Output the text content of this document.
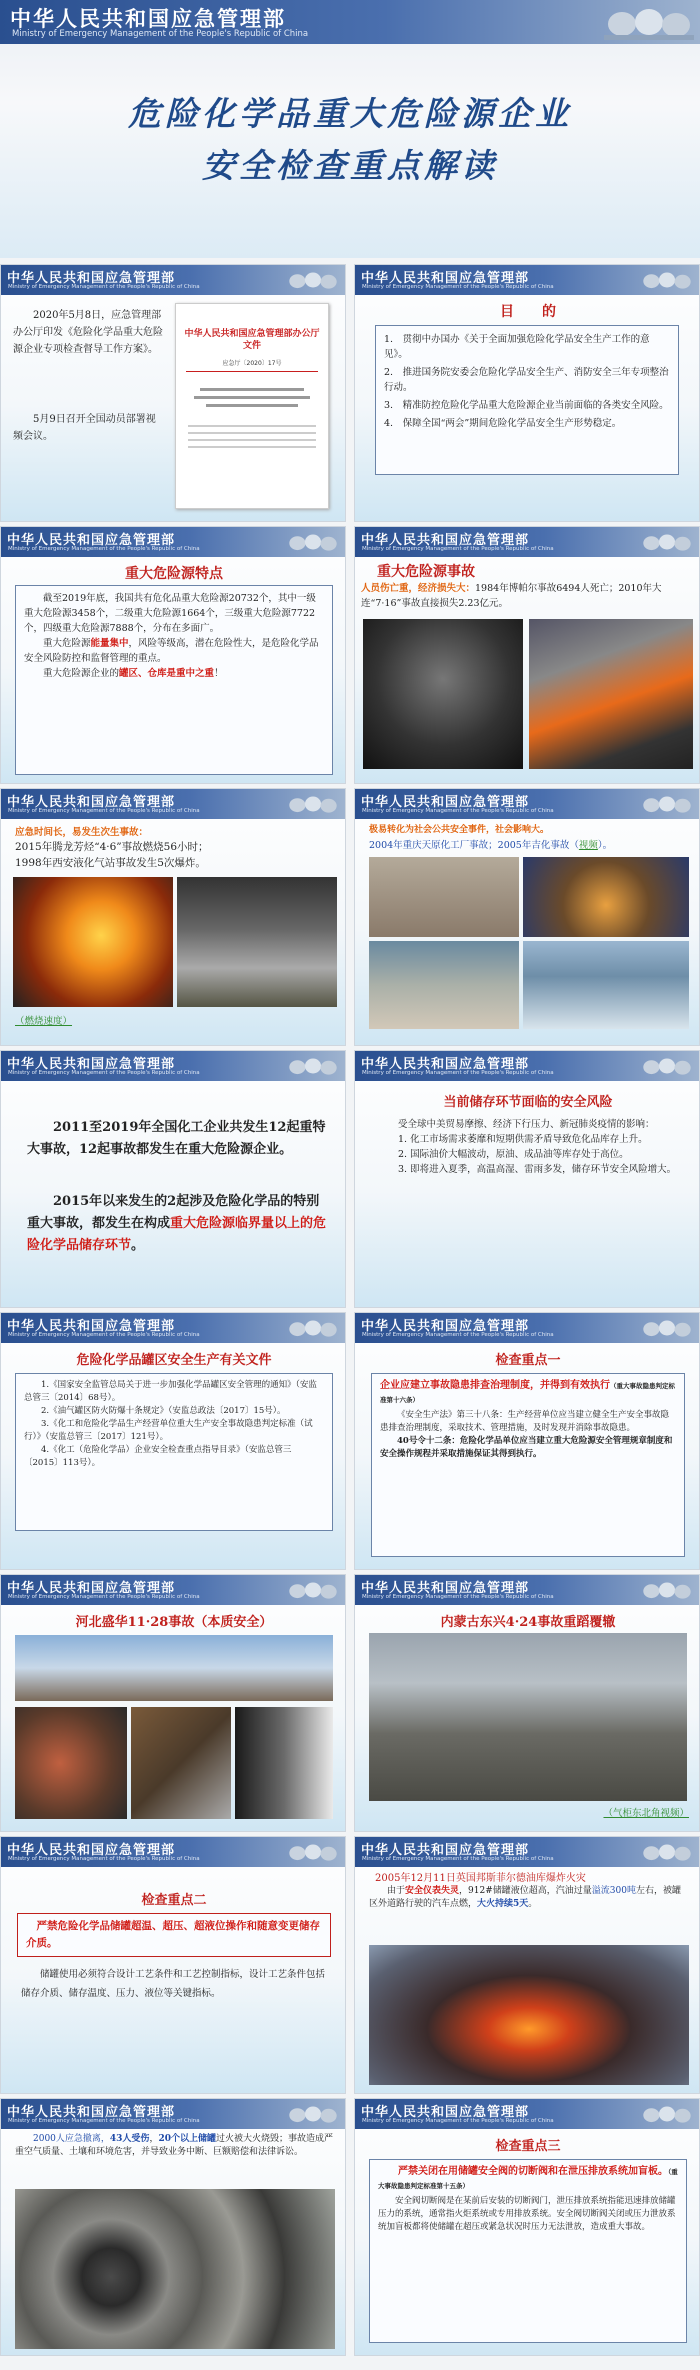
中华人民共和国应急管理部
Ministry of Emergency Management of the People's Republic of China
危险化学品重大危险源企业
安全检查重点解读
中华人民共和国应急管理部
Ministry of Emergency Management of the People's Republic of China
2020年5月8日，应急管理部办公厅印发《危险化学品重大危险源企业专项检查督导工作方案》。
5月9日召开全国动员部署视频会议。
中华人民共和国应急管理部办公厅文件
应急厅〔2020〕17号
中华人民共和国应急管理部
Ministry of Emergency Management of the People's Republic of China
目　　的
1.　贯彻中办国办《关于全面加强危险化学品安全生产工作的意见》。
2.　推进国务院安委会危险化学品安全生产、消防安全三年专项整治行动。
3.　精准防控危险化学品重大危险源企业当前面临的各类安全风险。
4.　保障全国“两会”期间危险化学品安全生产形势稳定。
中华人民共和国应急管理部
Ministry of Emergency Management of the People's Republic of China
重大危险源特点
截至2019年底，我国共有危化品重大危险源20732个，其中一级重大危险源3458个，二级重大危险源1664个，三级重大危险源7722个，四级重大危险源7888个，分布在多面广。
重大危险源能量集中，风险等级高，潜在危险性大，是危险化学品安全风险防控和监督管理的重点。
重大危险源企业的罐区、仓库是重中之重！
中华人民共和国应急管理部
Ministry of Emergency Management of the People's Republic of China
重大危险源事故
人员伤亡重，经济损失大：1984年博帕尔事故6494人死亡；2010年大连“7·16”事故直接损失2.23亿元。
中华人民共和国应急管理部
Ministry of Emergency Management of the People's Republic of China
应急时间长，易发生次生事故：
2015年腾龙芳烃“4·6”事故燃烧56小时；
1998年西安液化气站事故发生5次爆炸。
（燃烧速度）
中华人民共和国应急管理部
Ministry of Emergency Management of the People's Republic of China
极易转化为社会公共安全事件，社会影响大。
2004年重庆天原化工厂事故；2005年吉化事故（视频）。
中华人民共和国应急管理部
Ministry of Emergency Management of the People's Republic of China
2011至2019年全国化工企业共发生12起重特大事故，12起事故都发生在重大危险源企业。
2015年以来发生的2起涉及危险化学品的特别重大事故，都发生在构成重大危险源临界量以上的危险化学品储存环节。
中华人民共和国应急管理部
Ministry of Emergency Management of the People's Republic of China
当前储存环节面临的安全风险
受全球中美贸易摩擦、经济下行压力、新冠肺炎疫情的影响：
1. 化工市场需求萎靡和短期供需矛盾导致危化品库存上升。
2. 国际油价大幅波动，原油、成品油等库存处于高位。
3. 即将进入夏季，高温高湿、雷雨多发，储存环节安全风险增大。
中华人民共和国应急管理部
Ministry of Emergency Management of the People's Republic of China
危险化学品罐区安全生产有关文件
1.《国家安全监管总局关于进一步加强化学品罐区安全管理的通知》（安监总管三〔2014〕68号）。
2.《油气罐区防火防爆十条规定》（安监总政法〔2017〕15号）。
3.《化工和危险化学品生产经营单位重大生产安全事故隐患判定标准（试行）》（安监总管三〔2017〕121号）。
4.《化工（危险化学品）企业安全检查重点指导目录》（安监总管三〔2015〕113号）。
中华人民共和国应急管理部
Ministry of Emergency Management of the People's Republic of China
检查重点一
企业应建立事故隐患排查治理制度，并得到有效执行（重大事故隐患判定标准第十六条）
《安全生产法》第三十八条：生产经营单位应当建立健全生产安全事故隐患排查治理制度，采取技术、管理措施，及时发现并消除事故隐患。
40号令十二条：危险化学品单位应当建立重大危险源安全管理规章制度和安全操作规程并采取措施保证其得到执行。
中华人民共和国应急管理部
Ministry of Emergency Management of the People's Republic of China
河北盛华11·28事故（本质安全）
中华人民共和国应急管理部
Ministry of Emergency Management of the People's Republic of China
内蒙古东兴4·24事故重蹈覆辙
（气柜东北角视频）
中华人民共和国应急管理部
Ministry of Emergency Management of the People's Republic of China
检查重点二
严禁危险化学品储罐超温、超压、超液位操作和随意变更储存介质。
储罐使用必须符合设计工艺条件和工艺控制指标，设计工艺条件包括储存介质、储存温度、压力、液位等关键指标。
中华人民共和国应急管理部
Ministry of Emergency Management of the People's Republic of China
2005年12月11日英国邦斯菲尔德油库爆炸火灾
由于安全仪表失灵，912#储罐液位超高，汽油过量溢流300吨左右，被罐区外道路行驶的汽车点燃，大火持续5天。
中华人民共和国应急管理部
Ministry of Emergency Management of the People's Republic of China
2000人应急撤离，43人受伤，20个以上储罐过火被大火烧毁；事故造成严重空气质量、土壤和环境危害，并导致业务中断、巨额赔偿和法律诉讼。
中华人民共和国应急管理部
Ministry of Emergency Management of the People's Republic of China
检查重点三
严禁关闭在用储罐安全阀的切断阀和在泄压排放系统加盲板。（重大事故隐患判定标准第十五条）
安全阀切断阀是在某前后安装的切断阀门，泄压排放系统指能迅速排放储罐压力的系统，通常指火炬系统或专用排放系统。安全阀切断阀关闭或压力泄放系统加盲板都将使储罐在超压或紧急状况时压力无法泄放，造成重大事故。
